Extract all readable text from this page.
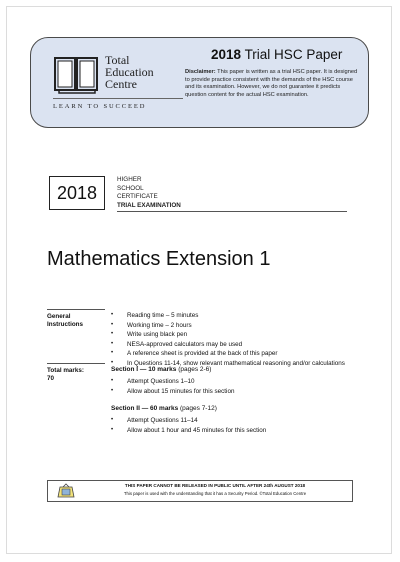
Total
Education
Centre
LEARN TO SUCCEED
2018 Trial HSC Paper
Disclaimer: This paper is written as a trial HSC paper. It is designed to provide practice consistent with the demands of the HSC course and its examination. However, we do not guarantee it predicts question content for the actual HSC examination.
2018
HIGHER
SCHOOL
CERTIFICATE
TRIAL EXAMINATION
Mathematics Extension 1
General
Instructions
• Reading time – 5 minutes
• Working time – 2 hours
• Write using black pen
• NESA-approved calculators may be used
• A reference sheet is provided at the back of this paper
• In Questions 11-14, show relevant mathematical reasoning and/or calculations
Total marks:
70
Section I — 10 marks (pages 2-6)
• Attempt Questions 1–10
• Allow about 15 minutes for this section
Section II — 60 marks (pages 7-12)
• Attempt Questions 11–14
• Allow about 1 hour and 45 minutes for this section
THIS PAPER CANNOT BE RELEASED IN PUBLIC UNTIL AFTER 24th AUGUST 2018
This paper is used with the understanding that it has a Security Period. ©Total Education Centre
